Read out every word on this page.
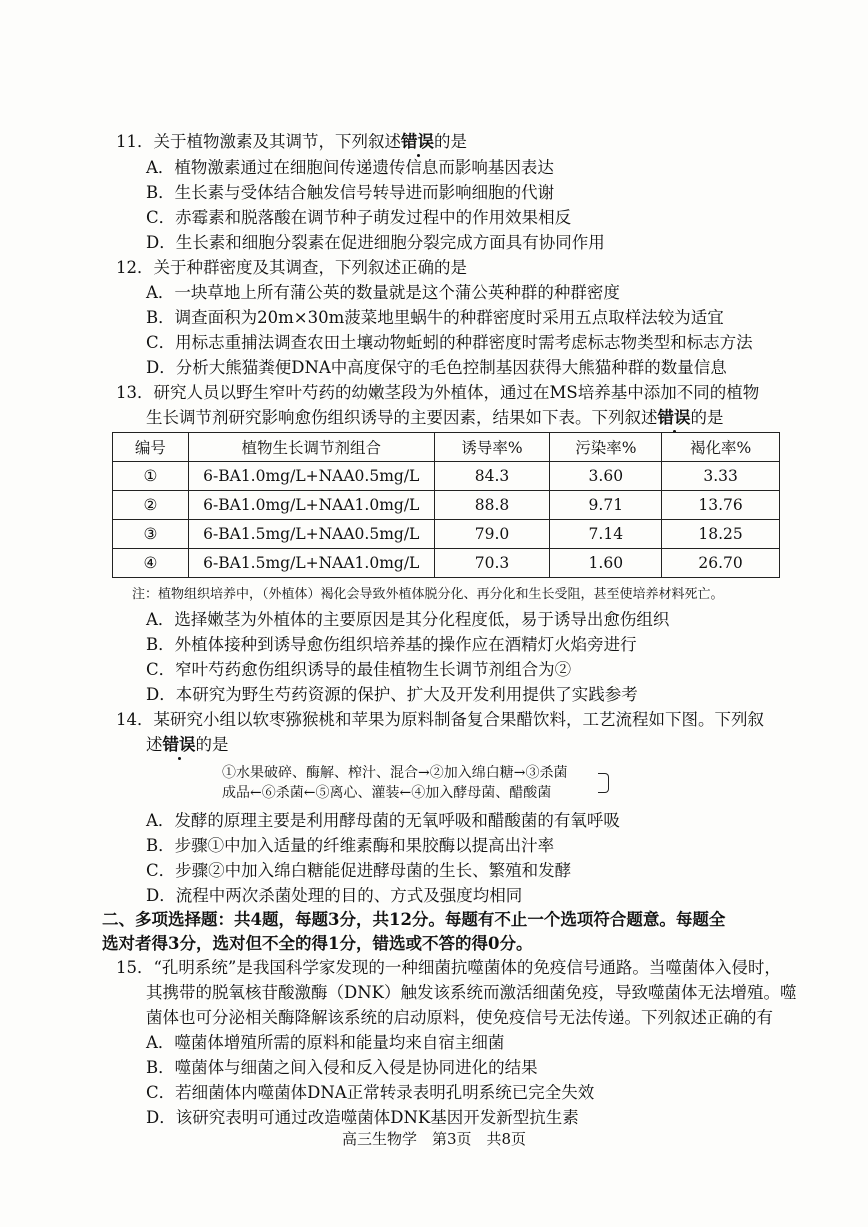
11．关于植物激素及其调节，下列叙述错误的是
A．植物激素通过在细胞间传递遗传信息而影响基因表达
B．生长素与受体结合触发信号转导进而影响细胞的代谢
C．赤霉素和脱落酸在调节种子萌发过程中的作用效果相反
D．生长素和细胞分裂素在促进细胞分裂完成方面具有协同作用
12．关于种群密度及其调查，下列叙述正确的是
A．一块草地上所有蒲公英的数量就是这个蒲公英种群的种群密度
B．调查面积为20m×30m菠菜地里蜗牛的种群密度时采用五点取样法较为适宜
C．用标志重捕法调查农田土壤动物蚯蚓的种群密度时需考虑标志物类型和标志方法
D．分析大熊猫粪便DNA中高度保守的毛色控制基因获得大熊猫种群的数量信息
13．研究人员以野生窄叶芍药的幼嫩茎段为外植体，通过在MS培养基中添加不同的植物
生长调节剂研究影响愈伤组织诱导的主要因素，结果如下表。下列叙述错误的是
编号	植物生长调节剂组合	诱导率%	污染率%	褐化率%
①	6-BA1.0mg/L+NAA0.5mg/L	84.3	3.60	3.33
②	6-BA1.0mg/L+NAA1.0mg/L	88.8	9.71	13.76
③	6-BA1.5mg/L+NAA0.5mg/L	79.0	7.14	18.25
④	6-BA1.5mg/L+NAA1.0mg/L	70.3	1.60	26.70
注：植物组织培养中，（外植体）褐化会导致外植体脱分化、再分化和生长受阻，甚至使培养材料死亡。
A．选择嫩茎为外植体的主要原因是其分化程度低，易于诱导出愈伤组织
B．外植体接种到诱导愈伤组织培养基的操作应在酒精灯火焰旁进行
C．窄叶芍药愈伤组织诱导的最佳植物生长调节剂组合为②
D．本研究为野生芍药资源的保护、扩大及开发利用提供了实践参考
14．某研究小组以软枣猕猴桃和苹果为原料制备复合果醋饮料，工艺流程如下图。下列叙
述错误的是
①水果破碎、酶解、榨汁、混合→②加入绵白糖→③杀菌
成品←⑥杀菌←⑤离心、灌装←④加入酵母菌、醋酸菌
A．发酵的原理主要是利用酵母菌的无氧呼吸和醋酸菌的有氧呼吸
B．步骤①中加入适量的纤维素酶和果胶酶以提高出汁率
C．步骤②中加入绵白糖能促进酵母菌的生长、繁殖和发酵
D．流程中两次杀菌处理的目的、方式及强度均相同
二、多项选择题：共4题，每题3分，共12分。每题有不止一个选项符合题意。每题全
选对者得3分，选对但不全的得1分，错选或不答的得0分。
15．“孔明系统”是我国科学家发现的一种细菌抗噬菌体的免疫信号通路。当噬菌体入侵时，
其携带的脱氧核苷酸激酶（DNK）触发该系统而激活细菌免疫，导致噬菌体无法增殖。噬
菌体也可分泌相关酶降解该系统的启动原料，使免疫信号无法传递。下列叙述正确的有
A．噬菌体增殖所需的原料和能量均来自宿主细菌
B．噬菌体与细菌之间入侵和反入侵是协同进化的结果
C．若细菌体内噬菌体DNA正常转录表明孔明系统已完全失效
D．该研究表明可通过改造噬菌体DNK基因开发新型抗生素
高三生物学　第3页　共8页
